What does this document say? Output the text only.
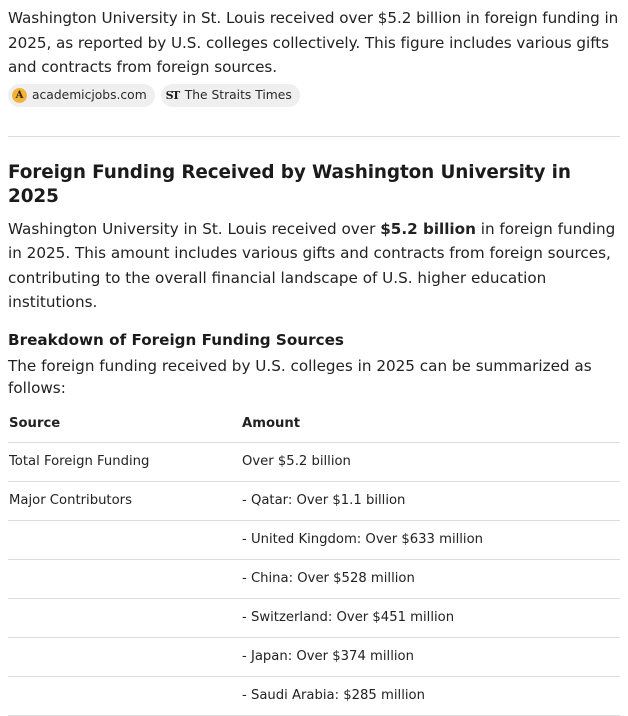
Washington University in St. Louis received over $5.2 billion in foreign funding in 2025, as reported by U.S. colleges collectively. This figure includes various gifts and contracts from foreign sources.

A academicjobs.com ST The Straits Times
Foreign Funding Received by Washington University in 2025

Washington University in St. Louis received over $5.2 billion in foreign funding in 2025. This amount includes various gifts and contracts from foreign sources, contributing to the overall financial landscape of U.S. higher education institutions.

Breakdown of Foreign Funding Sources

The foreign funding received by U.S. colleges in 2025 can be summarized as follows:

Source	Amount
Total Foreign Funding	Over $5.2 billion
Major Contributors	- Qatar: Over $1.1 billion
	- United Kingdom: Over $633 million
	- China: Over $528 million
	- Switzerland: Over $451 million
	- Japan: Over $374 million
	- Saudi Arabia: $285 million
